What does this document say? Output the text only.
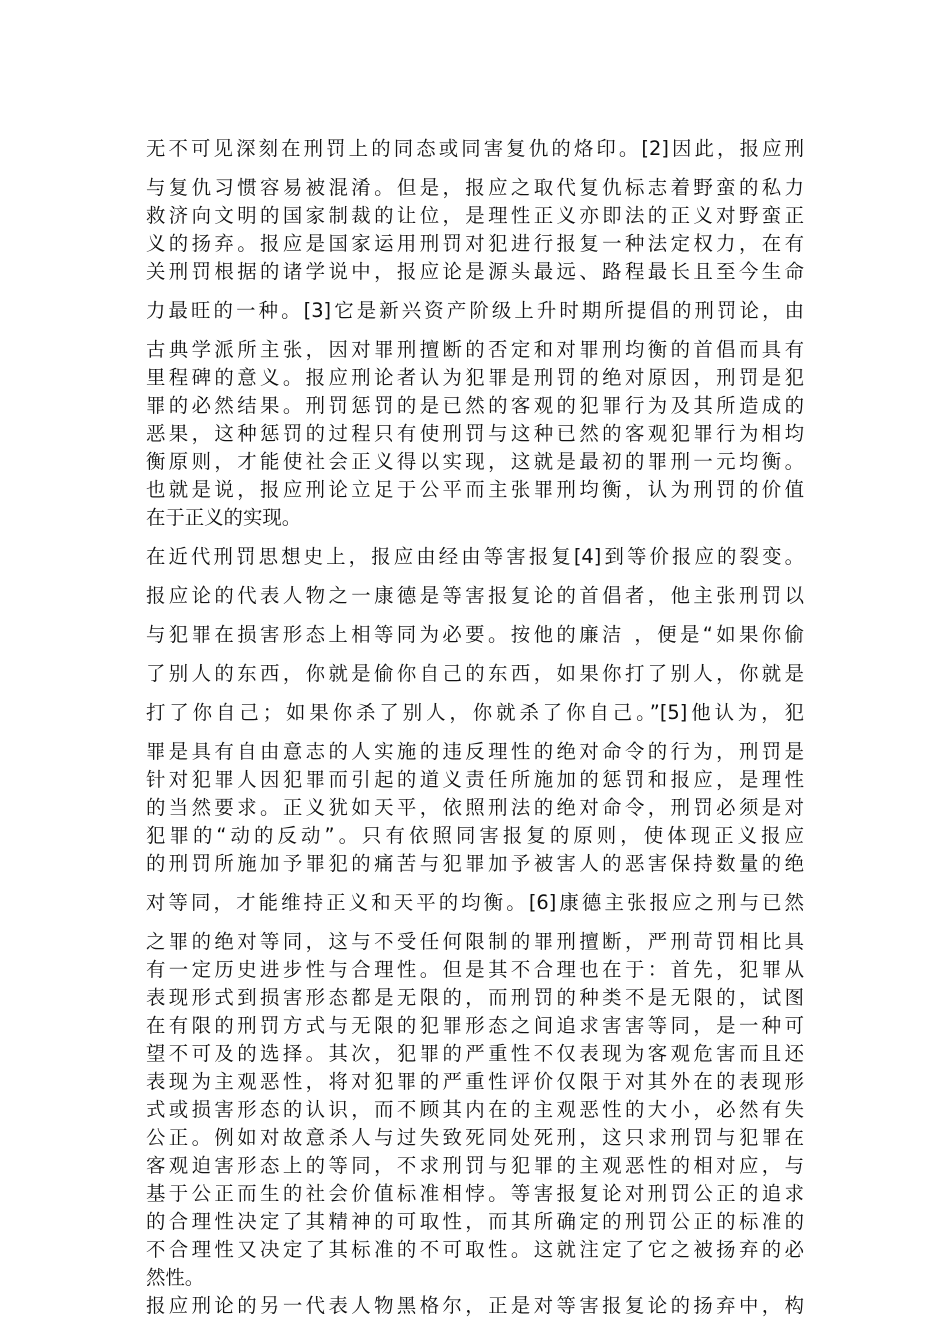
无不可见深刻在刑罚上的同态或同害复仇的烙印。[2]因此，报应刑
与复仇习惯容易被混淆。但是，报应之取代复仇标志着野蛮的私力
救济向文明的国家制裁的让位，是理性正义亦即法的正义对野蛮正
义的扬弃。报应是国家运用刑罚对犯进行报复一种法定权力，在有
关刑罚根据的诸学说中，报应论是源头最远、路程最长且至今生命
力最旺的一种。[3]它是新兴资产阶级上升时期所提倡的刑罚论，由
古典学派所主张，因对罪刑擅断的否定和对罪刑均衡的首倡而具有
里程碑的意义。报应刑论者认为犯罪是刑罚的绝对原因，刑罚是犯
罪的必然结果。刑罚惩罚的是已然的客观的犯罪行为及其所造成的
恶果，这种惩罚的过程只有使刑罚与这种已然的客观犯罪行为相均
衡原则，才能使社会正义得以实现，这就是最初的罪刑一元均衡。
也就是说，报应刑论立足于公平而主张罪刑均衡，认为刑罚的价值
在于正义的实现。
在近代刑罚思想史上，报应由经由等害报复[4]到等价报应的裂变。
报应论的代表人物之一康德是等害报复论的首倡者，他主张刑罚以
与犯罪在损害形态上相等同为必要。按他的廉洁 ，便是“如果你偷
了别人的东西，你就是偷你自己的东西，如果你打了别人，你就是
打了你自己；如果你杀了别人，你就杀了你自己。”[5]他认为，犯
罪是具有自由意志的人实施的违反理性的绝对命令的行为，刑罚是
针对犯罪人因犯罪而引起的道义责任所施加的惩罚和报应，是理性
的当然要求。正义犹如天平，依照刑法的绝对命令，刑罚必须是对
犯罪的“动的反动”。只有依照同害报复的原则，使体现正义报应
的刑罚所施加予罪犯的痛苦与犯罪加予被害人的恶害保持数量的绝
对等同，才能维持正义和天平的均衡。[6]康德主张报应之刑与已然
之罪的绝对等同，这与不受任何限制的罪刑擅断，严刑苛罚相比具
有一定历史进步性与合理性。但是其不合理也在于：首先，犯罪从
表现形式到损害形态都是无限的，而刑罚的种类不是无限的，试图
在有限的刑罚方式与无限的犯罪形态之间追求害害等同，是一种可
望不可及的选择。其次，犯罪的严重性不仅表现为客观危害而且还
表现为主观恶性，将对犯罪的严重性评价仅限于对其外在的表现形
式或损害形态的认识，而不顾其内在的主观恶性的大小，必然有失
公正。例如对故意杀人与过失致死同处死刑，这只求刑罚与犯罪在
客观迫害形态上的等同，不求刑罚与犯罪的主观恶性的相对应，与
基于公正而生的社会价值标准相悖。等害报复论对刑罚公正的追求
的合理性决定了其精神的可取性，而其所确定的刑罚公正的标准的
不合理性又决定了其标准的不可取性。这就注定了它之被扬弃的必
然性。
报应刑论的另一代表人物黑格尔，正是对等害报复论的扬弃中，构
